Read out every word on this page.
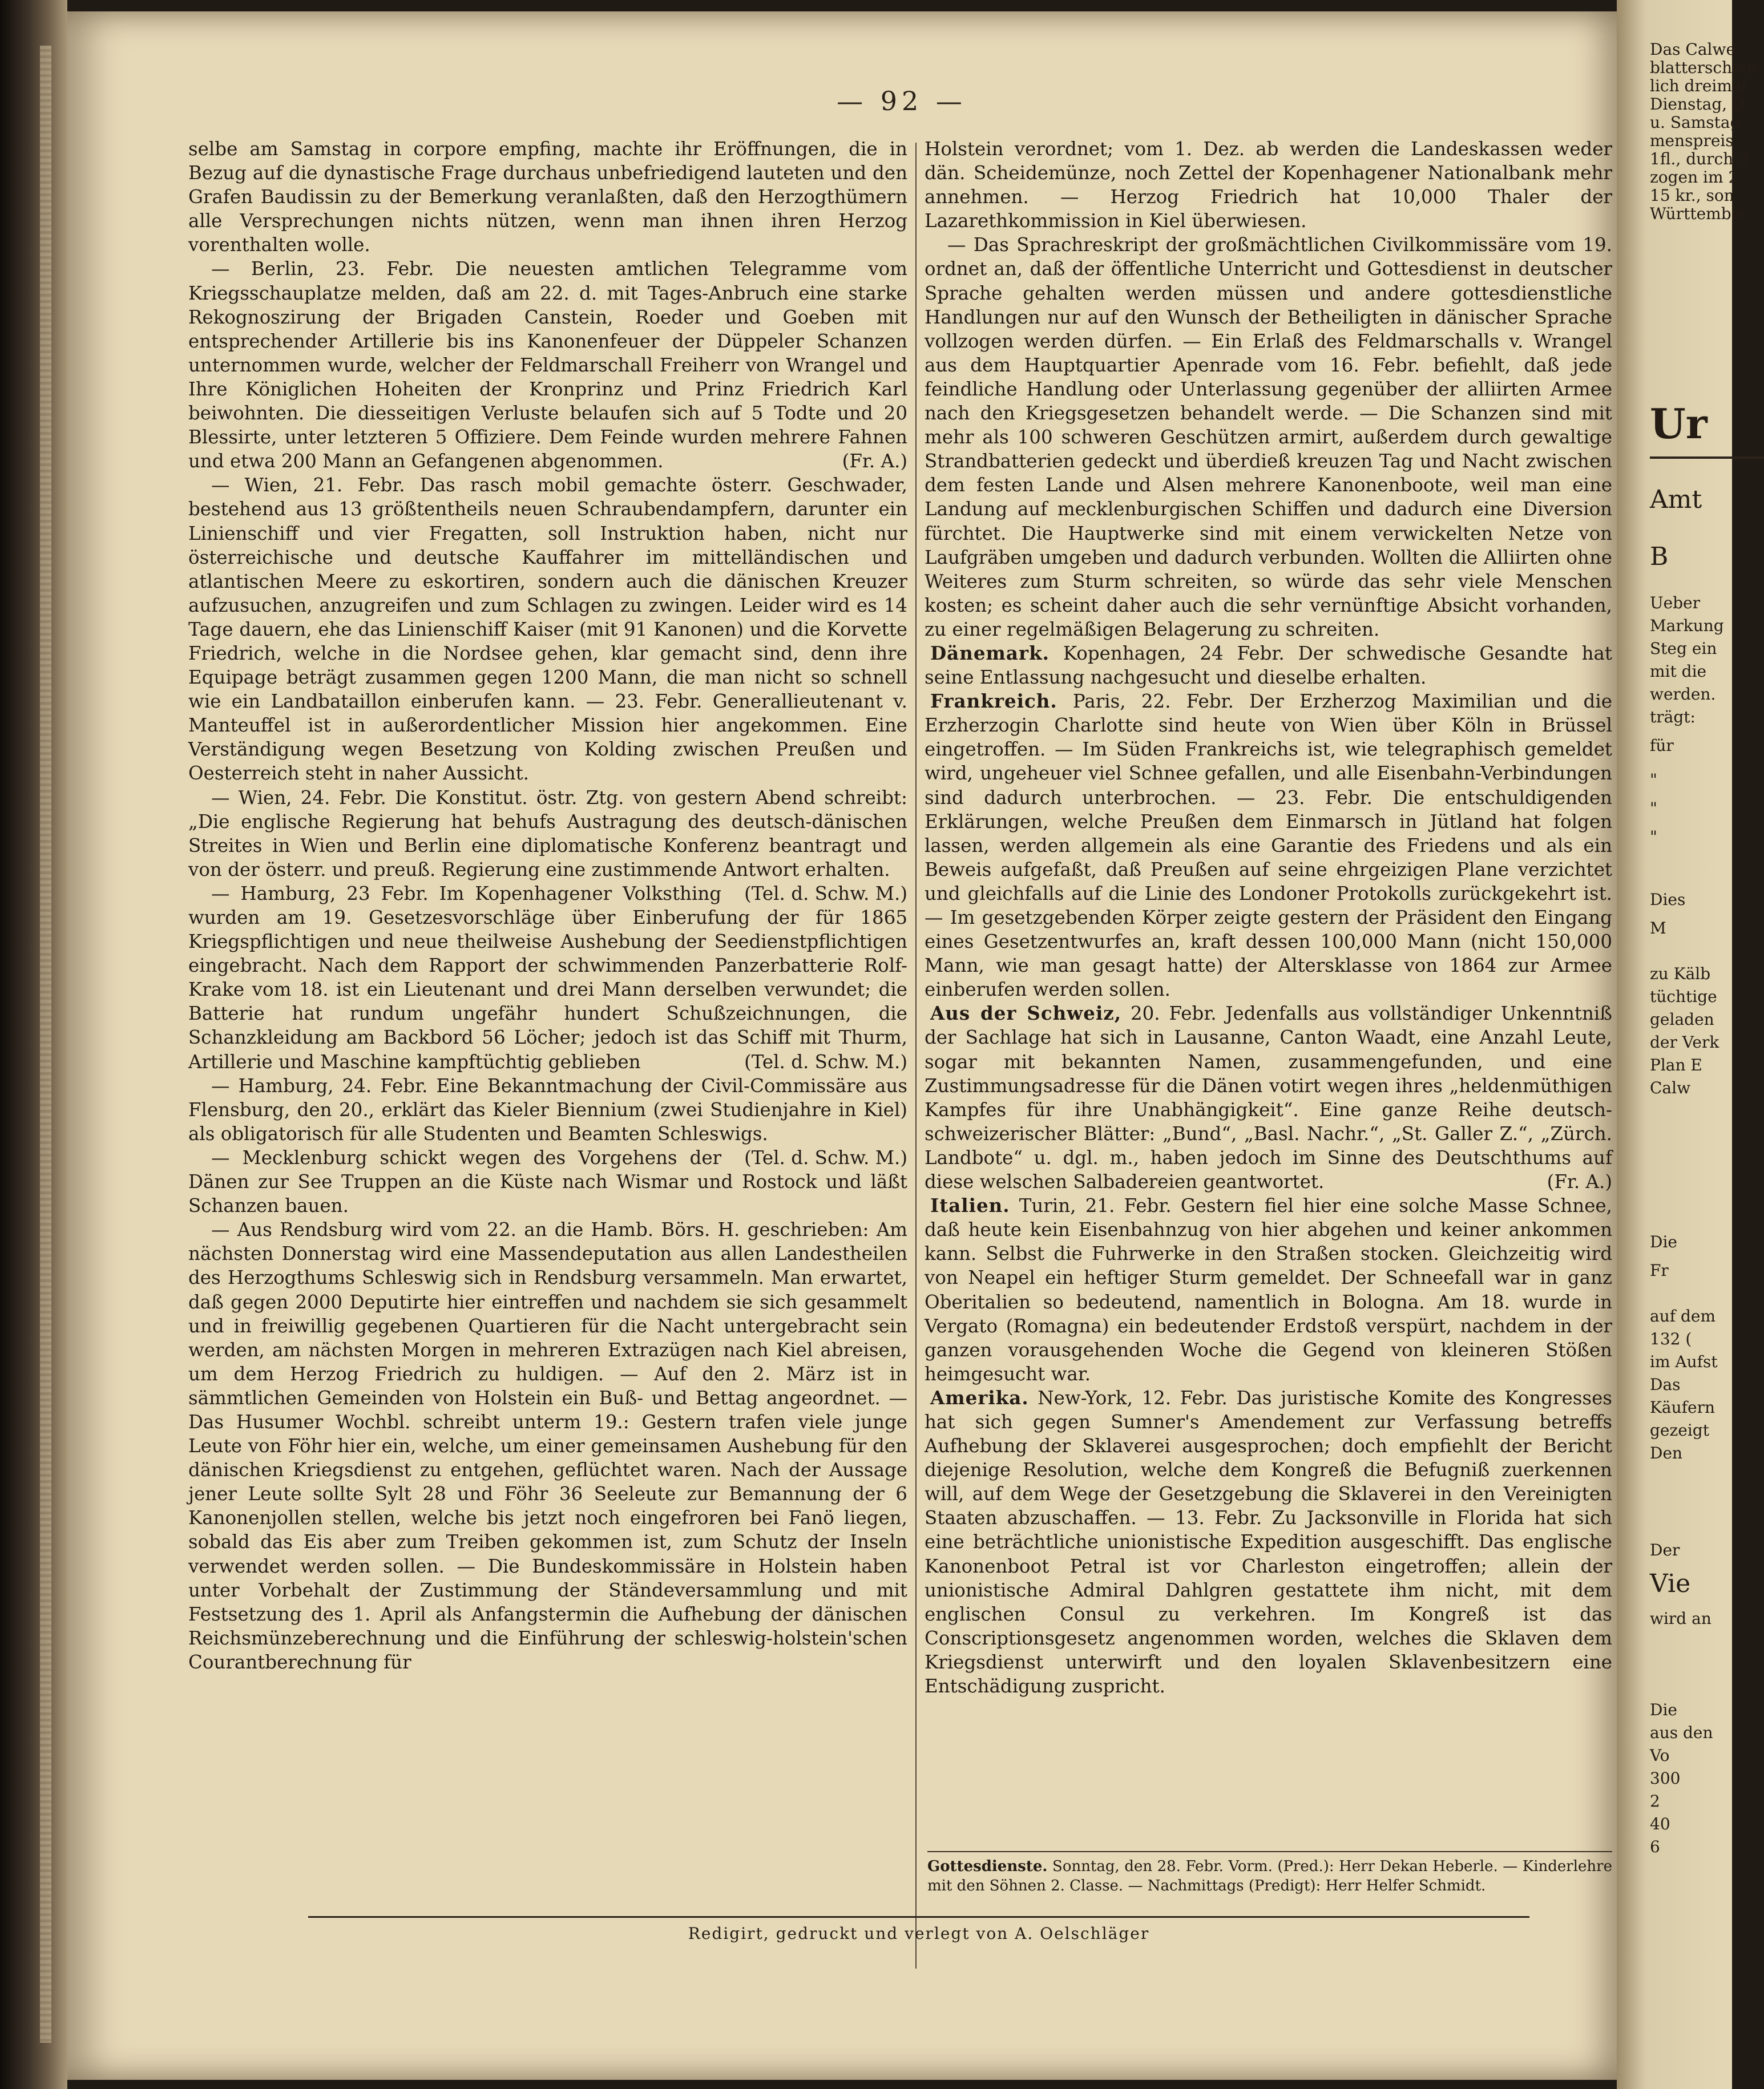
— 92 —

selbe am Samstag in corpore empfing, machte ihr Eröffnungen, die in Bezug auf die dynastische Frage durchaus unbefriedigend lauteten und den Grafen Baudissin zu der Bemerkung veranlaßten, daß den Herzogthümern alle Versprechungen nichts nützen, wenn man ihnen ihren Herzog vorenthalten wolle.

— Berlin, 23. Febr. Die neuesten amtlichen Telegramme vom Kriegsschauplatze melden, daß am 22. d. mit Tages-Anbruch eine starke Rekognoszirung der Brigaden Canstein, Roeder und Goeben mit entsprechender Artillerie bis ins Kanonenfeuer der Düppeler Schanzen unternommen wurde, welcher der Feldmarschall Freiherr von Wrangel und Ihre Königlichen Hoheiten der Kronprinz und Prinz Friedrich Karl beiwohnten. Die diesseitigen Verluste belaufen sich auf 5 Todte und 20 Blessirte, unter letzteren 5 Offiziere. Dem Feinde wurden mehrere Fahnen und etwa 200 Mann an Gefangenen abgenommen.	(Fr. A.)

— Wien, 21. Febr. Das rasch mobil gemachte österr. Geschwader, bestehend aus 13 größtentheils neuen Schraubendampfern, darunter ein Linienschiff und vier Fregatten, soll Instruktion haben, nicht nur österreichische und deutsche Kauffahrer im mittelländischen und atlantischen Meere zu eskortiren, sondern auch die dänischen Kreuzer aufzusuchen, anzugreifen und zum Schlagen zu zwingen. Leider wird es 14 Tage dauern, ehe das Linienschiff Kaiser (mit 91 Kanonen) und die Korvette Friedrich, welche in die Nordsee gehen, klar gemacht sind, denn ihre Equipage beträgt zusammen gegen 1200 Mann, die man nicht so schnell wie ein Landbataillon einberufen kann. — 23. Febr. Generallieutenant v. Manteuffel ist in außerordentlicher Mission hier angekommen. Eine Verständigung wegen Besetzung von Kolding zwischen Preußen und Oesterreich steht in naher Aussicht.

— Wien, 24. Febr. Die Konstitut. östr. Ztg. von gestern Abend schreibt: „Die englische Regierung hat behufs Austragung des deutsch-dänischen Streites in Wien und Berlin eine diplomatische Konferenz beantragt und von der österr. und preuß. Regierung eine zustimmende Antwort erhalten.
(Tel. d. Schw. M.)

— Hamburg, 23 Febr. Im Kopenhagener Volksthing wurden am 19. Gesetzesvorschläge über Einberufung der für 1865 Kriegspflichtigen und neue theilweise Aushebung der Seedienstpflichtigen eingebracht. Nach dem Rapport der schwimmenden Panzerbatterie Rolf-Krake vom 18. ist ein Lieutenant und drei Mann derselben verwundet; die Batterie hat rundum ungefähr hundert Schußzeichnungen, die Schanzkleidung am Backbord 56 Löcher; jedoch ist das Schiff mit Thurm, Artillerie und Maschine kampftüchtig geblieben	(Tel. d. Schw. M.)

— Hamburg, 24. Febr. Eine Bekanntmachung der Civil-Commissäre aus Flensburg, den 20., erklärt das Kieler Biennium (zwei Studienjahre in Kiel) als obligatorisch für alle Studenten und Beamten Schleswigs.
(Tel. d. Schw. M.)

— Mecklenburg schickt wegen des Vorgehens der Dänen zur See Truppen an die Küste nach Wismar und Rostock und läßt Schanzen bauen.

— Aus Rendsburg wird vom 22. an die Hamb. Börs. H. geschrieben: Am nächsten Donnerstag wird eine Massendeputation aus allen Landestheilen des Herzogthums Schleswig sich in Rendsburg versammeln. Man erwartet, daß gegen 2000 Deputirte hier eintreffen und nachdem sie sich gesammelt und in freiwillig gegebenen Quartieren für die Nacht untergebracht sein werden, am nächsten Morgen in mehreren Extrazügen nach Kiel abreisen, um dem Herzog Friedrich zu huldigen. — Auf den 2. März ist in sämmtlichen Gemeinden von Holstein ein Buß- und Bettag angeordnet. — Das Husumer Wochbl. schreibt unterm 19.: Gestern trafen viele junge Leute von Föhr hier ein, welche, um einer gemeinsamen Aushebung für den dänischen Kriegsdienst zu entgehen, geflüchtet waren. Nach der Aussage jener Leute sollte Sylt 28 und Föhr 36 Seeleute zur Bemannung der 6 Kanonenjollen stellen, welche bis jetzt noch eingefroren bei Fanö liegen, sobald das Eis aber zum Treiben gekommen ist, zum Schutz der Inseln verwendet werden sollen. — Die Bundeskommissäre in Holstein haben unter Vorbehalt der Zustimmung der Ständeversammlung und mit Festsetzung des 1. April als Anfangstermin die Aufhebung der dänischen Reichsmünzeberechnung und die Einführung der schleswig-holstein'schen Courantberechnung für

Holstein verordnet; vom 1. Dez. ab werden die Landeskassen weder dän. Scheidemünze, noch Zettel der Kopenhagener Nationalbank mehr annehmen. — Herzog Friedrich hat 10,000 Thaler der Lazarethkommission in Kiel überwiesen.

— Das Sprachreskript der großmächtlichen Civilkommissäre vom 19. ordnet an, daß der öffentliche Unterricht und Gottesdienst in deutscher Sprache gehalten werden müssen und andere gottesdienstliche Handlungen nur auf den Wunsch der Betheiligten in dänischer Sprache vollzogen werden dürfen. — Ein Erlaß des Feldmarschalls v. Wrangel aus dem Hauptquartier Apenrade vom 16. Febr. befiehlt, daß jede feindliche Handlung oder Unterlassung gegenüber der alliirten Armee nach den Kriegsgesetzen behandelt werde. — Die Schanzen sind mit mehr als 100 schweren Geschützen armirt, außerdem durch gewaltige Strandbatterien gedeckt und überdieß kreuzen Tag und Nacht zwischen dem festen Lande und Alsen mehrere Kanonenboote, weil man eine Landung auf mecklenburgischen Schiffen und dadurch eine Diversion fürchtet. Die Hauptwerke sind mit einem verwickelten Netze von Laufgräben umgeben und dadurch verbunden. Wollten die Alliirten ohne Weiteres zum Sturm schreiten, so würde das sehr viele Menschen kosten; es scheint daher auch die sehr vernünftige Absicht vorhanden, zu einer regelmäßigen Belagerung zu schreiten.

Dänemark. Kopenhagen, 24 Febr. Der schwedische Gesandte hat seine Entlassung nachgesucht und dieselbe erhalten.

Frankreich. Paris, 22. Febr. Der Erzherzog Maximilian und die Erzherzogin Charlotte sind heute von Wien über Köln in Brüssel eingetroffen. — Im Süden Frankreichs ist, wie telegraphisch gemeldet wird, ungeheuer viel Schnee gefallen, und alle Eisenbahn-Verbindungen sind dadurch unterbrochen. — 23. Febr. Die entschuldigenden Erklärungen, welche Preußen dem Einmarsch in Jütland hat folgen lassen, werden allgemein als eine Garantie des Friedens und als ein Beweis aufgefaßt, daß Preußen auf seine ehrgeizigen Plane verzichtet und gleichfalls auf die Linie des Londoner Protokolls zurückgekehrt ist. — Im gesetzgebenden Körper zeigte gestern der Präsident den Eingang eines Gesetzentwurfes an, kraft dessen 100,000 Mann (nicht 150,000 Mann, wie man gesagt hatte) der Altersklasse von 1864 zur Armee einberufen werden sollen.

Aus der Schweiz, 20. Febr. Jedenfalls aus vollständiger Unkenntniß der Sachlage hat sich in Lausanne, Canton Waadt, eine Anzahl Leute, sogar mit bekannten Namen, zusammengefunden, und eine Zustimmungsadresse für die Dänen votirt wegen ihres „heldenmüthigen Kampfes für ihre Unabhängigkeit“. Eine ganze Reihe deutsch-schweizerischer Blätter: „Bund“, „Basl. Nachr.“, „St. Galler Z.“, „Zürch. Landbote“ u. dgl. m., haben jedoch im Sinne des Deutschthums auf diese welschen Salbadereien geantwortet.	(Fr. A.)

Italien. Turin, 21. Febr. Gestern fiel hier eine solche Masse Schnee, daß heute kein Eisenbahnzug von hier abgehen und keiner ankommen kann. Selbst die Fuhrwerke in den Straßen stocken. Gleichzeitig wird von Neapel ein heftiger Sturm gemeldet. Der Schneefall war in ganz Oberitalien so bedeutend, namentlich in Bologna. Am 18. wurde in Vergato (Romagna) ein bedeutender Erdstoß verspürt, nachdem in der ganzen vorausgehenden Woche die Gegend von kleineren Stößen heimgesucht war.

Amerika. New-York, 12. Febr. Das juristische Komite des Kongresses hat sich gegen Sumner's Amendement zur Verfassung betreffs Aufhebung der Sklaverei ausgesprochen; doch empfiehlt der Bericht diejenige Resolution, welche dem Kongreß die Befugniß zuerkennen will, auf dem Wege der Gesetzgebung die Sklaverei in den Vereinigten Staaten abzuschaffen. — 13. Febr. Zu Jacksonville in Florida hat sich eine beträchtliche unionistische Expedition ausgeschifft. Das englische Kanonenboot Petral ist vor Charleston eingetroffen; allein der unionistische Admiral Dahlgren gestattete ihm nicht, mit dem englischen Consul zu verkehren. Im Kongreß ist das Conscriptionsgesetz angenommen worden, welches die Sklaven dem Kriegsdienst unterwirft und den loyalen Sklavenbesitzern eine Entschädigung zuspricht.

Gottesdienste. Sonntag, den 28. Febr. Vorm. (Pred.): Herr Dekan Heberle. — Kinderlehre mit den Söhnen 2. Classe. — Nachmittags (Predigt): Herr Helfer Schmidt.
Redigirt, gedruckt und verlegt von A. Oelschläger
Ur
Das Calwe
blatterschein
lich dreimal
Dienstag, D
u. Samstag
menspreis
1fl., durch d
zogen im 2
15 kr., son
Württember
Amt
B
Ueber
Markung
Steg ein
mit die
werden.
trägt:
für
"
"
"
Dies
M
zu Kälb
tüchtige
geladen
der Verk
Plan E
Calw
Die
Fr
auf dem
132 (
im Aufst
Das
Käufern
gezeigt
Den
Der
Vie
wird an
Die
aus den
Vo
300
2
40
6
